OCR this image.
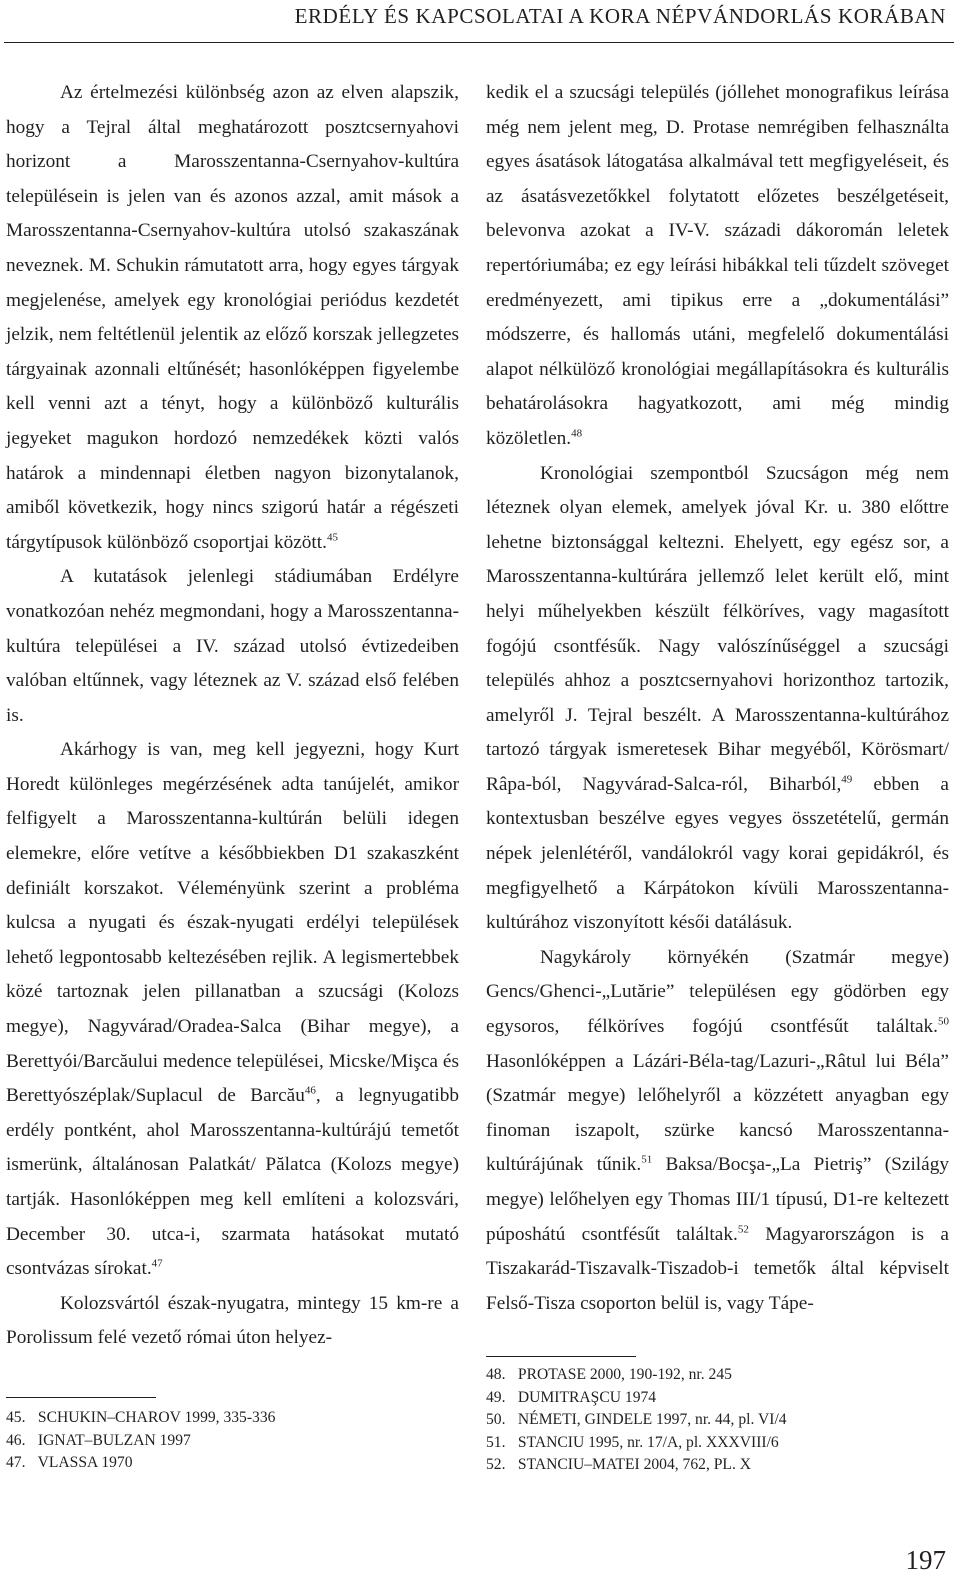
ERDÉLY ÉS KAPCSOLATAI A KORA NÉPVÁNDORLÁS KORÁBAN

Az értelmezési különbség azon az elven alapszik, hogy a Tejral által meghatározott posztcsernyahovi horizont a Marosszentanna-Csernyahov-kultúra településein is jelen van és azonos azzal, amit mások a Marosszentanna-Csernyahov-kultúra utolsó szakaszának neveznek. M. Schukin rámutatott arra, hogy egyes tárgyak megjelenése, amelyek egy kronológiai periódus kezdetét jelzik, nem feltétlenül jelentik az előző korszak jellegzetes tárgyainak azonnali eltűnését; hasonlóképpen figyelembe kell venni azt a tényt, hogy a különböző kulturális jegyeket magukon hordozó nemzedékek közti valós határok a mindennapi életben nagyon bizonytalanok, amiből következik, hogy nincs szigorú határ a régészeti tárgytípusok különböző csoportjai között.$^{45}$

A kutatások jelenlegi stádiumában Erdélyre vonatkozóan nehéz megmondani, hogy a Marosszentanna-kultúra települései a IV. század utolsó évtizedeiben valóban eltűnnek, vagy léteznek az V. század első felében is.

Akárhogy is van, meg kell jegyezni, hogy Kurt Horedt különleges megérzésének adta tanújelét, amikor felfigyelt a Marosszentanna-kultúrán belüli idegen elemekre, előre vetítve a későbbiekben D1 szakaszként definiált korszakot. Véleményünk szerint a probléma kulcsa a nyugati és észak-nyugati erdélyi települések lehető legpontosabb keltezésében rejlik. A legismertebbek közé tartoznak jelen pillanatban a szucsági (Kolozs megye), Nagyvárad/Oradea-Salca (Bihar megye), a Berettyói/Barcăului medence települései, Micske/Mişca és Berettyószéplak/Suplacul de Barcău$^{46}$, a legnyugatibb erdély pontként, ahol Marosszentanna-kultúrájú temetőt ismerünk, általánosan Palatkát/ Pălatca (Kolozs megye) tartják. Hasonlóképpen meg kell említeni a kolozsvári, December 30. utca-i, szarmata hatásokat mutató csontvázas sírokat.$^{47}$

Kolozsvártól észak-nyugatra, mintegy 15 km-re a Porolissum felé vezető római úton helyez-

kedik el a szucsági település (jóllehet monografikus leírása még nem jelent meg, D. Protase nemrégiben felhasználta egyes ásatások látogatása alkalmával tett megfigyeléseit, és az ásatásvezetőkkel folytatott előzetes beszélgetéseit, belevonva azokat a IV-V. századi dákoromán leletek repertóriumába; ez egy leírási hibákkal teli tűzdelt szöveget eredményezett, ami tipikus erre a „dokumentálási” módszerre, és hallomás utáni, megfelelő dokumentálási alapot nélkülöző kronológiai megállapításokra és kulturális behatárolásokra hagyatkozott, ami még mindig közöletlen.$^{48}$

Kronológiai szempontból Szucságon még nem léteznek olyan elemek, amelyek jóval Kr. u. 380 előttre lehetne biztonsággal keltezni. Ehelyett, egy egész sor, a Marosszentanna-kultúrára jellemző lelet került elő, mint helyi műhelyekben készült félköríves, vagy magasított fogójú csontfésűk. Nagy valószínűséggel a szucsági település ahhoz a posztcsernyahovi horizonthoz tartozik, amelyről J. Tejral beszélt. A Marosszentanna-kultúrához tartozó tárgyak ismeretesek Bihar megyéből, Körösmart/ Râpa-ból, Nagyvárad-Salca-ról, Biharból,$^{49}$ ebben a kontextusban beszélve egyes vegyes összetételű, germán népek jelenlétéről, vandálokról vagy korai gepidákról, és megfigyelhető a Kárpátokon kívüli Marosszentanna-kultúrához viszonyított késői datálásuk.

Nagykároly környékén (Szatmár megye) Gencs/Ghenci-„Lutărie” településen egy gödörben egy egysoros, félköríves fogójú csontfésűt találtak.$^{50}$ Hasonlóképpen a Lázári-Béla-tag/Lazuri-„Râtul lui Béla” (Szatmár megye) lelőhelyről a közzétett anyagban egy finoman iszapolt, szürke kancsó Marosszentanna-kultúrájúnak tűnik.$^{51}$ Baksa/Bocşa-„La Pietriş” (Szilágy megye) lelőhelyen egy Thomas III/1 típusú, D1-re keltezett púposhátú csontfésűt találtak.$^{52}$ Magyarországon is a Tiszakarád-Tiszavalk-Tiszadob-i temetők által képviselt Felső-Tisza csoporton belül is, vagy Tápe-

45. SCHUKIN–CHAROV 1999, 335-336
46. IGNAT–BULZAN 1997
47. VLASSA 1970
48. PROTASE 2000, 190-192, nr. 245
49. DUMITRAŞCU 1974
50. NÉMETI, GINDELE 1997, nr. 44, pl. VI/4
51. STANCIU 1995, nr. 17/A, pl. XXXVIII/6
52. STANCIU–MATEI 2004, 762, PL. X
197
